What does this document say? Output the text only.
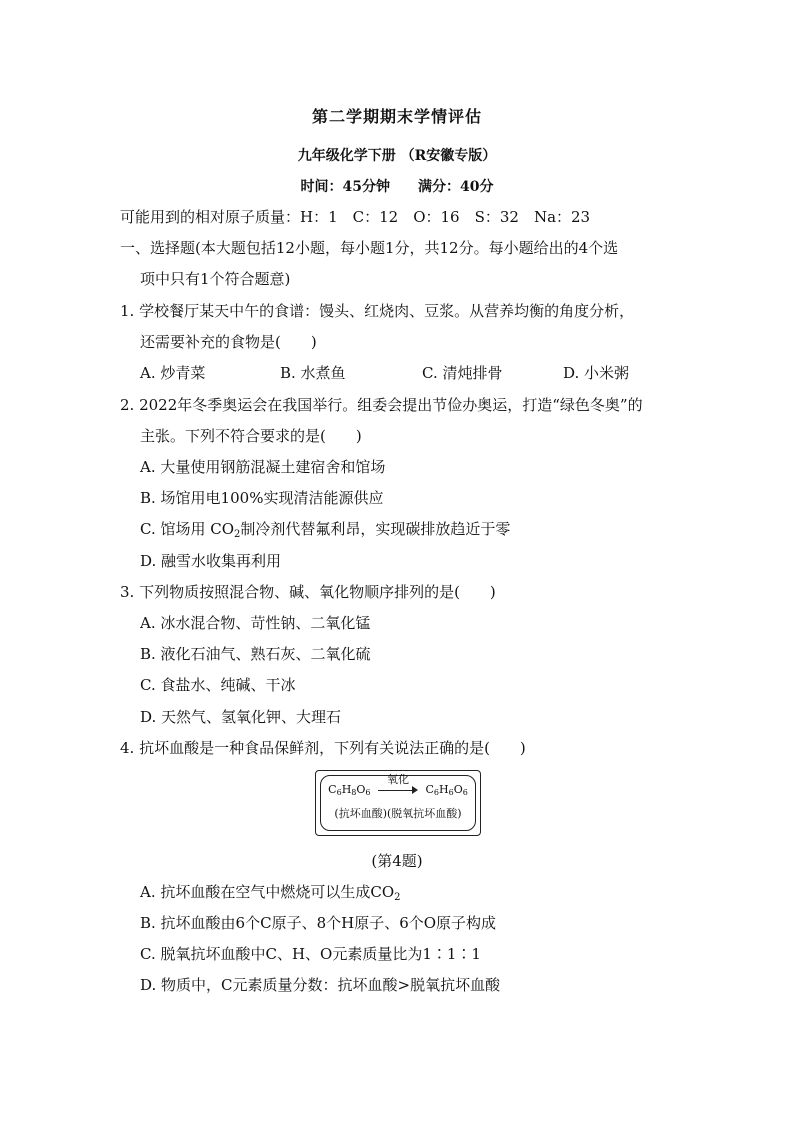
第二学期期末学情评估
九年级化学下册 （R安徽专版）
时间：45分钟　　满分：40分
可能用到的相对原子质量：H：1　C：12　O：16　S：32　Na：23
一、选择题(本大题包括12小题，每小题1分，共12分。每小题给出的4个选
项中只有1个符合题意)
1. 学校餐厅某天中午的食谱：馒头、红烧肉、豆浆。从营养均衡的角度分析，
还需要补充的食物是(　　)
A. 炒青菜	B. 水煮鱼	C. 清炖排骨	D. 小米粥
2. 2022年冬季奥运会在我国举行。组委会提出节俭办奥运，打造“绿色冬奥”的
主张。下列不符合要求的是(　　)
A. 大量使用钢筋混凝土建宿舍和馆场
B. 场馆用电100%实现清洁能源供应
C. 馆场用 $CO_2$制冷剂代替氟利昂，实现碳排放趋近于零
D. 融雪水收集再利用
3. 下列物质按照混合物、碱、氧化物顺序排列的是(　　)
A. 冰水混合物、苛性钠、二氧化锰
B. 液化石油气、熟石灰、二氧化硫
C. 食盐水、纯碱、干冰
D. 天然气、氢氧化钾、大理石
4. 抗坏血酸是一种食品保鲜剂，下列有关说法正确的是(　　)
$C_6H_8O_6$
氧化
$C_6H_6O_6$
(抗坏血酸)(脱氧抗坏血酸)
(第4题)
A. 抗坏血酸在空气中燃烧可以生成$CO_2$
B. 抗坏血酸由6个C原子、8个H原子、6个O原子构成
C. 脱氧抗坏血酸中C、H、O元素质量比为1∶1∶1
D. 物质中，C元素质量分数：抗坏血酸>脱氧抗坏血酸
